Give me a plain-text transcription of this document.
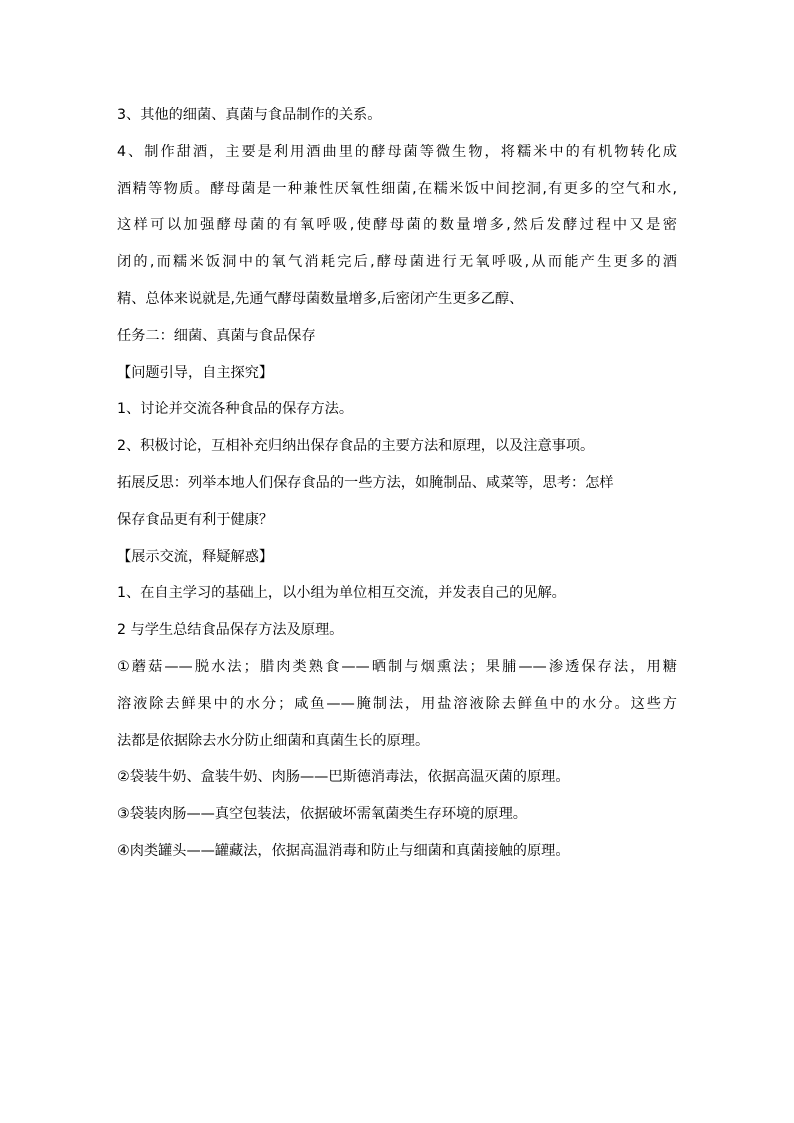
3、其他的细菌、真菌与食品制作的关系。
4、制作甜酒，主要是利用酒曲里的酵母菌等微生物，将糯米中的有机物转化成
酒精等物质。酵母菌是一种兼性厌氧性细菌,在糯米饭中间挖洞,有更多的空气和水,
这样可以加强酵母菌的有氧呼吸,使酵母菌的数量增多,然后发酵过程中又是密
闭的,而糯米饭洞中的氧气消耗完后,酵母菌进行无氧呼吸,从而能产生更多的酒
精、总体来说就是,先通气酵母菌数量增多,后密闭产生更多乙醇、
任务二：细菌、真菌与食品保存
【问题引导，自主探究】
1、讨论并交流各种食品的保存方法。
2、积极讨论，互相补充归纳出保存食品的主要方法和原理，以及注意事项。
拓展反思：列举本地人们保存食品的一些方法，如腌制品、咸菜等，思考：怎样
保存食品更有利于健康？
【展示交流，释疑解惑】
1、在自主学习的基础上，以小组为单位相互交流，并发表自己的见解。
2 与学生总结食品保存方法及原理。
①蘑菇——脱水法；腊肉类熟食——晒制与烟熏法；果脯——渗透保存法，用糖
溶液除去鲜果中的水分；咸鱼——腌制法，用盐溶液除去鲜鱼中的水分。这些方
法都是依据除去水分防止细菌和真菌生长的原理。
②袋装牛奶、盒装牛奶、肉肠——巴斯德消毒法，依据高温灭菌的原理。
③袋装肉肠——真空包装法，依据破坏需氧菌类生存环境的原理。
④肉类罐头——罐藏法，依据高温消毒和防止与细菌和真菌接触的原理。
